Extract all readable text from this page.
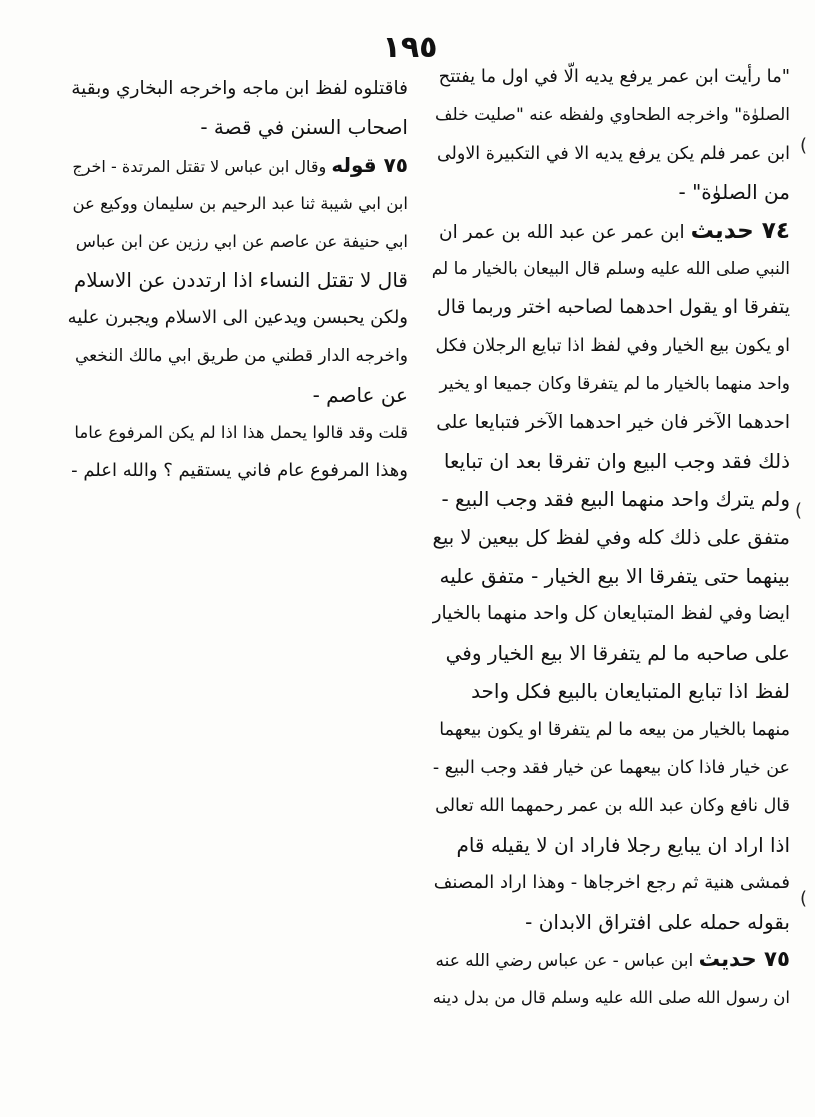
١٩٥
"ما رأيت ابن عمر يرفع يديه الّا في اول ما يفتتح
الصلوٰة" واخرجه الطحاوي ولفظه عنه "صليت خلف
ابن عمر فلم يكن يرفع يديه الا في التكبيرة الاولى
من الصلوٰة" -
٧٤ حديث ابن عمر عن عبد الله بن عمر ان
النبي صلى الله عليه وسلم قال البيعان بالخيار ما لم
يتفرقا او يقول احدهما لصاحبه اختر وربما قال
او يكون بيع الخيار وفي لفظ اذا تبايع الرجلان فكل
واحد منهما بالخيار ما لم يتفرقا وكان جميعا او يخير
احدهما الآخر فان خير احدهما الآخر فتبايعا على
ذلك فقد وجب البيع وان تفرقا بعد ان تبايعا
ولم يترك واحد منهما البيع فقد وجب البيع -
متفق على ذلك كله وفي لفظ كل بيعين لا بيع
بينهما حتى يتفرقا الا بيع الخيار - متفق عليه
ايضا وفي لفظ المتبايعان كل واحد منهما بالخيار
على صاحبه ما لم يتفرقا الا بيع الخيار وفي
لفظ اذا تبايع المتبايعان بالبيع فكل واحد
منهما بالخيار من بيعه ما لم يتفرقا او يكون بيعهما
عن خيار فاذا كان بيعهما عن خيار فقد وجب البيع -
قال نافع وكان عبد الله بن عمر رحمهما الله تعالى
اذا اراد ان يبايع رجلا فاراد ان لا يقيله قام
فمشى هنية ثم رجع اخرجاها - وهذا اراد المصنف
بقوله حمله على افتراق الابدان -
٧٥ حديث ابن عباس - عن عباس رضي الله عنه
ان رسول الله صلى الله عليه وسلم قال من بدل دينه
فاقتلوه لفظ ابن ماجه واخرجه البخاري وبقية
اصحاب السنن في قصة -
٧٥ قوله وقال ابن عباس لا تقتل المرتدة - اخرج
ابن ابي شيبة ثنا عبد الرحيم بن سليمان ووكيع عن
ابي حنيفة عن عاصم عن ابي رزين عن ابن عباس
قال لا تقتل النساء اذا ارتددن عن الاسلام
ولكن يحبسن ويدعين الى الاسلام ويجبرن عليه
واخرجه الدار قطني من طريق ابي مالك النخعي
عن عاصم -
قلت وقد قالوا يحمل هذا اذا لم يكن المرفوع عاما
وهذا المرفوع عام فاني يستقيم ؟ والله اعلم -
(
(
(
